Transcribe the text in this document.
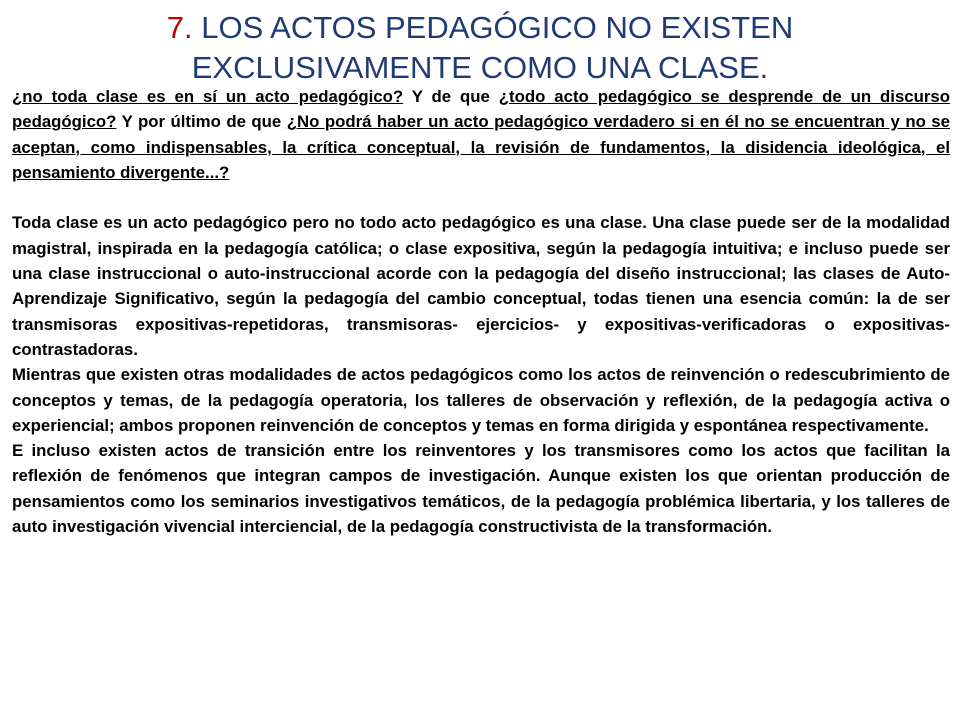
7. LOS ACTOS PEDAGÓGICO NO EXISTEN
EXCLUSIVAMENTE COMO UNA CLASE.

¿no toda clase es en sí un acto pedagógico? Y de que ¿todo acto pedagógico se desprende de un discurso pedagógico? Y por último de que ¿No podrá haber un acto pedagógico verdadero si en él no se encuentran y no se aceptan, como indispensables, la crítica conceptual, la revisión de fundamentos, la disidencia ideológica, el pensamiento divergente...?

Toda clase es un acto pedagógico pero no todo acto pedagógico es una clase. Una clase puede ser de la modalidad magistral, inspirada en la pedagogía católica; o clase expositiva, según la pedagogía intuitiva; e incluso puede ser una clase instruccional o auto-instruccional acorde con la pedagogía del diseño instruccional; las clases de Auto-Aprendizaje Significativo, según la pedagogía del cambio conceptual, todas tienen una esencia común: la de ser transmisoras expositivas-repetidoras, transmisoras- ejercicios- y expositivas-verificadoras o expositivas-contrastadoras.

Mientras que existen otras modalidades de actos pedagógicos como los actos de reinvención o redescubrimiento de conceptos y temas, de la pedagogía operatoria, los talleres de observación y reflexión, de la pedagogía activa o experiencial; ambos proponen reinvención de conceptos y temas en forma dirigida y espontánea respectivamente.

E incluso existen actos de transición entre los reinventores y los transmisores como los actos que facilitan la reflexión de fenómenos que integran campos de investigación. Aunque existen los que orientan producción de pensamientos como los seminarios investigativos temáticos, de la pedagogía problémica libertaria, y los talleres de auto investigación vivencial interciencial, de la pedagogía constructivista de la transformación.
